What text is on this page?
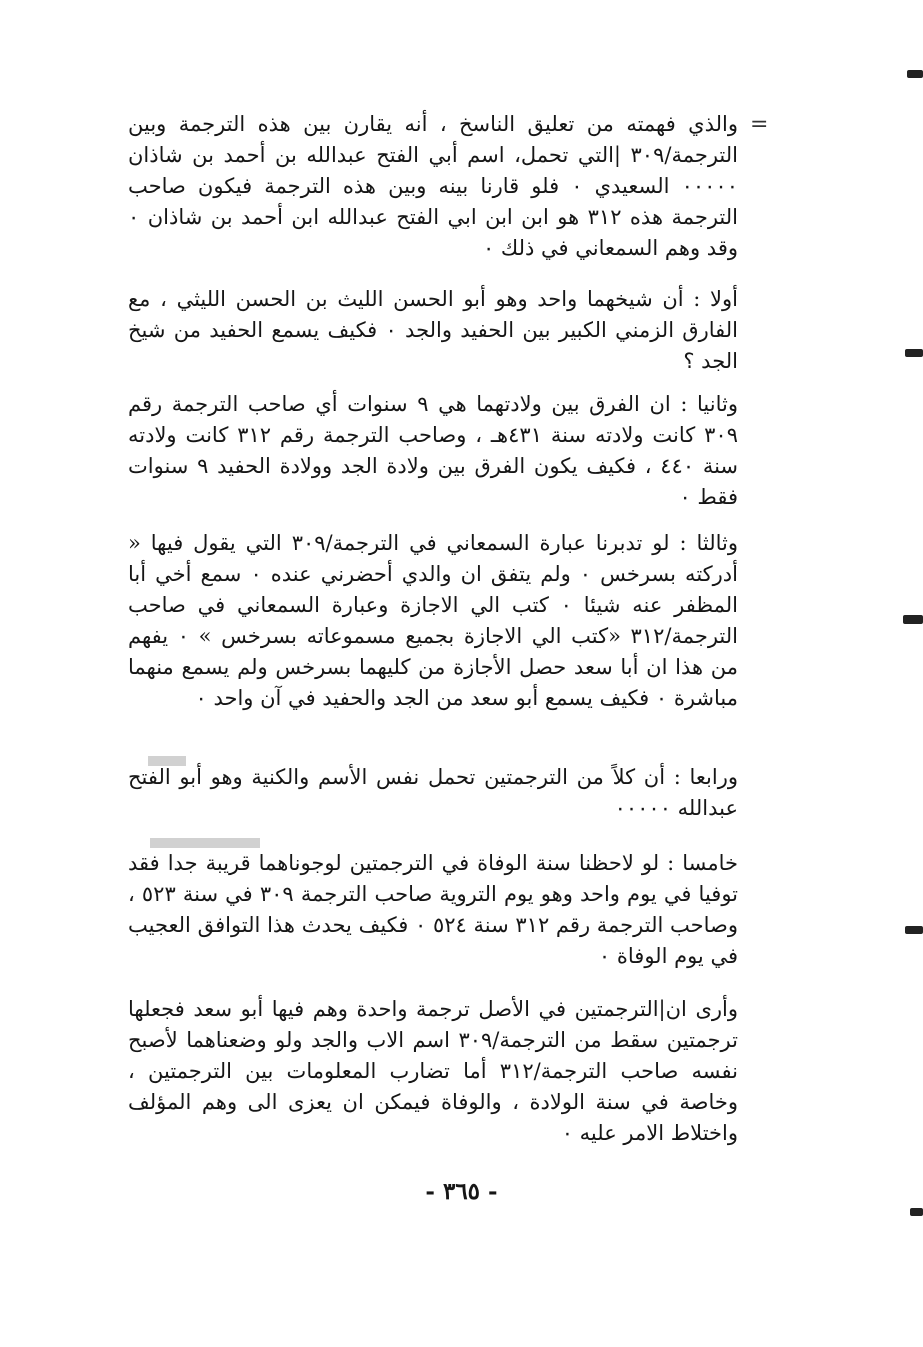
=

والذي فهمته من تعليق الناسخ ، أنه يقارن بين هذه الترجمة وبين الترجمة/٣٠٩ |التي تحمل، اسم أبي الفتح عبدالله بن أحمد بن شاذان ٠٠٠٠٠ السعيدي ٠ فلو قارنا بينه وبين هذه الترجمة فيكون صاحب الترجمة هذه ٣١٢ هو ابن ابن ابي الفتح عبدالله ابن أحمد بن شاذان ٠ وقد وهم السمعاني في ذلك ٠

أولا : أن شيخهما واحد وهو أبو الحسن الليث بن الحسن الليثي ، مع الفارق الزمني الكبير بين الحفيد والجد ٠ فكيف يسمع الحفيد من شيخ الجد ؟

وثانيا : ان الفرق بين ولادتهما هي ٩ سنوات أي صاحب الترجمة رقم ٣٠٩ كانت ولادته سنة ٤٣١هـ ، وصاحب الترجمة رقم ٣١٢ كانت ولادته سنة ٤٤٠ ، فكيف يكون الفرق بين ولادة الجد وولادة الحفيد ٩ سنوات فقط ٠

وثالثا : لو تدبرنا عبارة السمعاني في الترجمة/٣٠٩ التي يقول فيها « أدركته بسرخس ٠ ولم يتفق ان والدي أحضرني عنده ٠ سمع أخي أبا المظفر عنه شيئا ٠ كتب الي الاجازة وعبارة السمعاني في صاحب الترجمة/٣١٢ «كتب الي الاجازة بجميع مسموعاته بسرخس » ٠ يفهم من هذا ان أبا سعد حصل الأجازة من كليهما بسرخس ولم يسمع منهما مباشرة ٠ فكيف يسمع أبو سعد من الجد والحفيد في آن واحد ٠

ورابعا : أن كلاً من الترجمتين تحمل نفس الأسم والكنية وهو أبو الفتح عبدالله ٠٠٠٠٠

خامسا : لو لاحظنا سنة الوفاة في الترجمتين لوجوناهما قريبة جدا فقد توفيا في يوم واحد وهو يوم التروية صاحب الترجمة ٣٠٩ في سنة ٥٢٣ ، وصاحب الترجمة رقم ٣١٢ سنة ٥٢٤ ٠ فكيف يحدث هذا التوافق العجيب في يوم الوفاة ٠

وأرى ان|الترجمتين في الأصل ترجمة واحدة وهم فيها أبو سعد فجعلها ترجمتين سقط من الترجمة/٣٠٩ اسم الاب والجد ولو وضعناهما لأصبح نفسه صاحب الترجمة/٣١٢ أما تضارب المعلومات بين الترجمتين ، وخاصة في سنة الولادة ، والوفاة فيمكن ان يعزى الى وهم المؤلف واختلاط الامر عليه ٠

- ٣٦٥ -
